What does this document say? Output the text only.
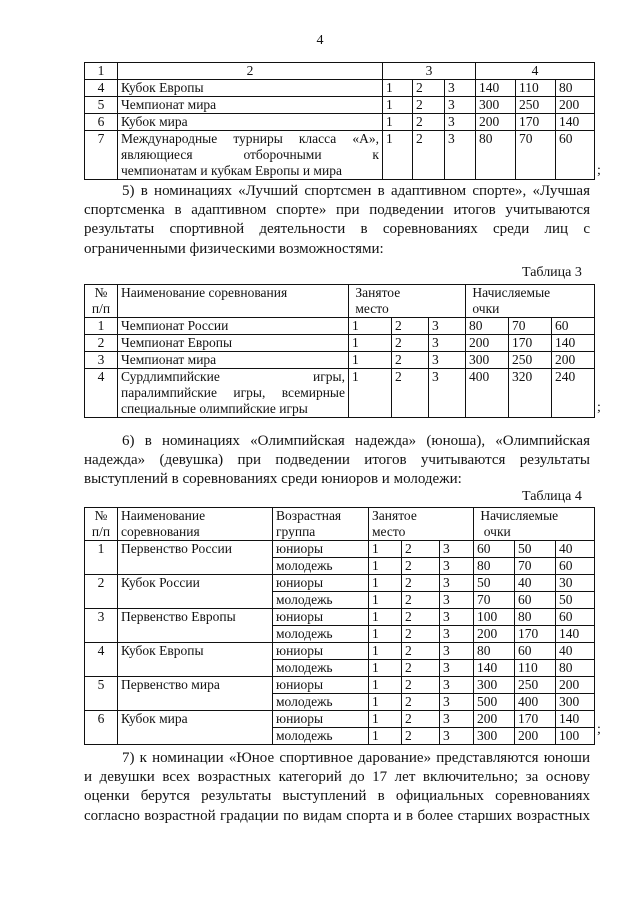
4
1	2	3			4		
4	Кубок Европы	1	2	3	140	110	80
5	Чемпионат мира	1	2	3	300	250	200
6	Кубок мира	1	2	3	200	170	140
7	Международные турниры класса «А»,
являющиеся отборочными к
чемпионатам и кубкам Европы и мира	1	2	3	80	70	60
;
5) в номинациях «Лучший спортсмен в адаптивном спорте», «Лучшая
спортсменка в адаптивном спорте» при подведении итогов учитываются
результаты спортивной деятельности в соревнованиях среди лиц с
ограниченными физическими возможностями:
Таблица 3
№
п/п	Наименование соревнования	Занятое
место			Начисляемые
очки		
1	Чемпионат России	1	2	3	80	70	60
2	Чемпионат Европы	1	2	3	200	170	140
3	Чемпионат мира	1	2	3	300	250	200
4	Сурдлимпийские игры,
паралимпийские игры, всемирные
специальные олимпийские игры	1	2	3	400	320	240
;
6) в номинациях «Олимпийская надежда» (юноша), «Олимпийская
надежда» (девушка) при подведении итогов учитываются результаты
выступлений в соревнованиях среди юниоров и молодежи:
Таблица 4
№
п/п	Наименование
соревнования	Возрастная
группа	Занятое
место			Начисляемые
очки		
1	Первенство России	юниоры	1	2	3	60	50	40
		молодежь	1	2	3	80	70	60
2	Кубок России	юниоры	1	2	3	50	40	30
		молодежь	1	2	3	70	60	50
3	Первенство Европы	юниоры	1	2	3	100	80	60
		молодежь	1	2	3	200	170	140
4	Кубок Европы	юниоры	1	2	3	80	60	40
		молодежь	1	2	3	140	110	80
5	Первенство мира	юниоры	1	2	3	300	250	200
		молодежь	1	2	3	500	400	300
6	Кубок мира	юниоры	1	2	3	200	170	140
		молодежь	1	2	3	300	200	100 ;
7) к номинации «Юное спортивное дарование» представляются юноши
и девушки всех возрастных категорий до 17 лет включительно; за основу
оценки берутся результаты выступлений в официальных соревнованиях
согласно возрастной градации по видам спорта и в более старших возрастных
